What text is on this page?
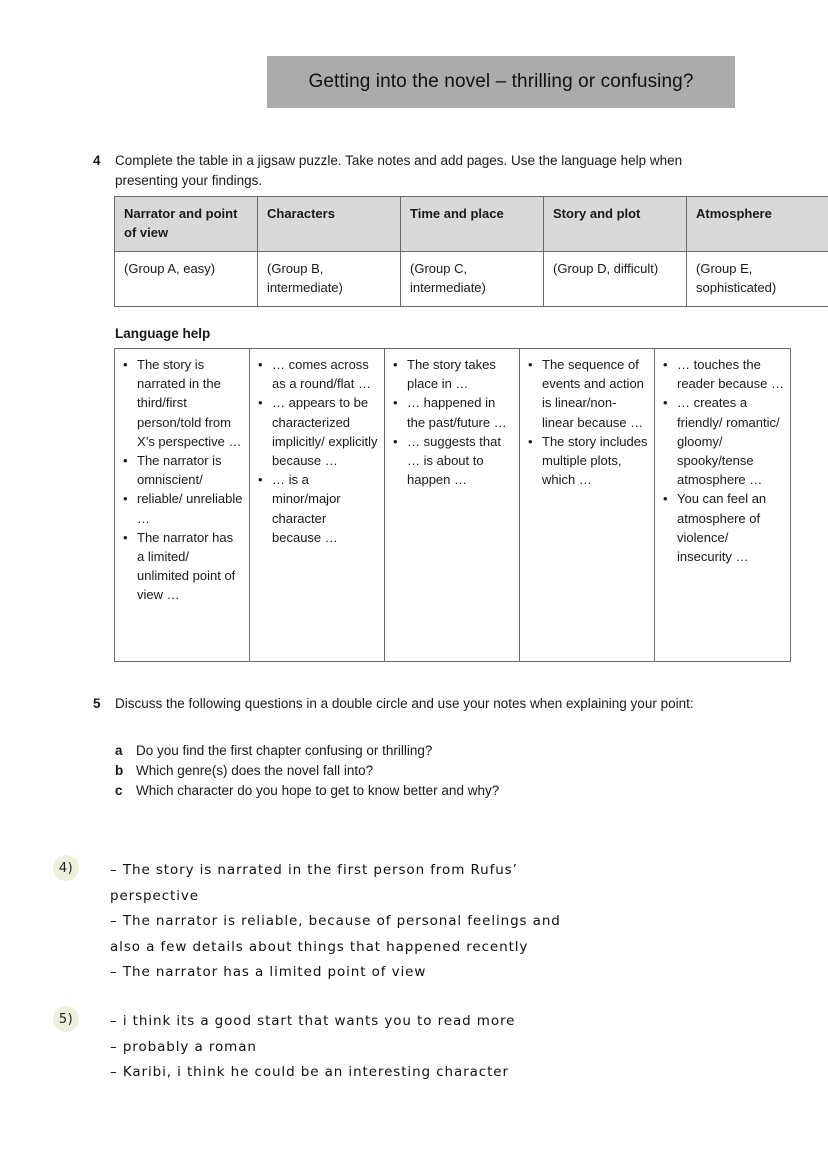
Getting into the novel – thrilling or confusing?
4	Complete the table in a jigsaw puzzle. Take notes and add pages. Use the language help when presenting your findings.
Narrator and point of view	Characters	Time and place	Story and plot	Atmosphere
(Group A, easy)	(Group B, intermediate)	(Group C, intermediate)	(Group D, difficult)	(Group E, sophisticated)
Language help
• The story is narrated in the third/first person/told from X’s perspective …
• The narrator is omniscient/
• reliable/ unreliable …
• The narrator has a limited/ unlimited point of view …

• … comes across as a round/flat …
• … appears to be characterized implicitly/ explicitly because …
• … is a minor/major character because …

• The story takes place in …
• … happened in the past/future …
• … suggests that … is about to happen …

• The sequence of events and action is linear/non-linear because …
• The story includes multiple plots, which …

• … touches the reader because …
• … creates a friendly/ romantic/ gloomy/ spooky/tense atmosphere …
• You can feel an atmosphere of violence/ insecurity …
5	Discuss the following questions in a double circle and use your notes when explaining your point:
a Do you find the first chapter confusing or thrilling?
b Which genre(s) does the novel fall into?
c Which character do you hope to get to know better and why?
4)	– The story is narrated in the first person from Rufus’
perspective
– The narrator is reliable, because of personal feelings and
also a few details about things that happened recently
– The narrator has a limited point of view
5)	– i think its a good start that wants you to read more
– probably a roman
– Karibi, i think he could be an interesting character
